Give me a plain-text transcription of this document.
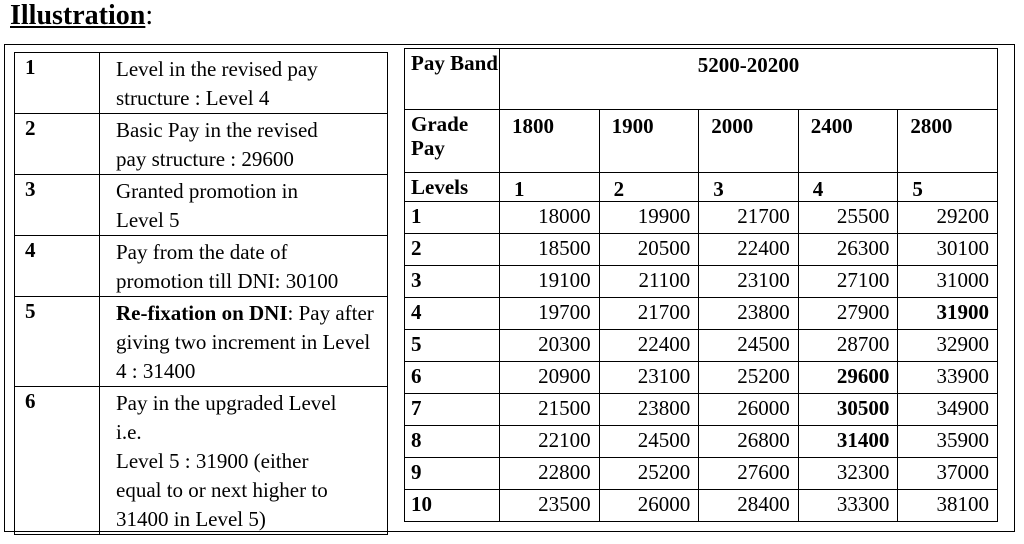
Illustration:
1	Level in the revised pay
structure : Level 4
2	Basic Pay in the revised
pay structure : 29600
3	Granted promotion in
Level 5
4	Pay from the date of
promotion till DNI: 30100
5	Re-fixation on DNI: Pay after giving two increment in Level 4 : 31400
6	Pay in the upgraded Level
i.e.
Level 5 : 31900 (either
equal to or next higher to
31400 in Level 5)
Pay Band	5200-20200				
Grade Pay	1800	1900	2000	2400	2800
Levels	1	2	3	4	5
1	18000	19900	21700	25500	29200
2	18500	20500	22400	26300	30100
3	19100	21100	23100	27100	31000
4	19700	21700	23800	27900	31900
5	20300	22400	24500	28700	32900
6	20900	23100	25200	29600	33900
7	21500	23800	26000	30500	34900
8	22100	24500	26800	31400	35900
9	22800	25200	27600	32300	37000
10	23500	26000	28400	33300	38100
